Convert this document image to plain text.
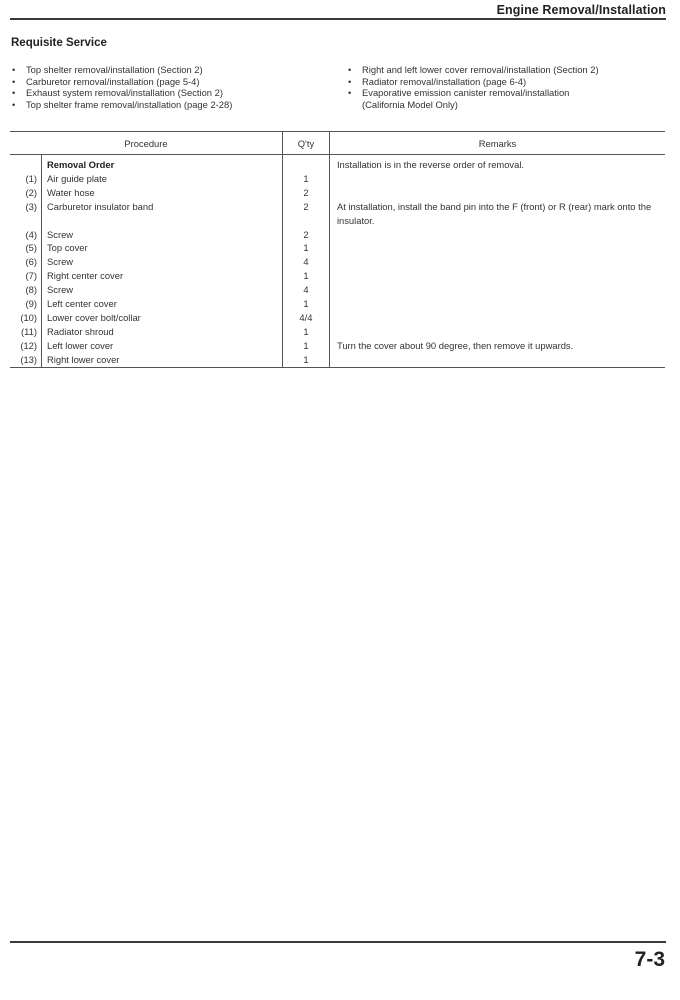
Engine Removal/Installation
Requisite Service
• Top shelter removal/installation (Section 2)
• Carburetor removal/installation (page 5-4)
• Exhaust system removal/installation (Section 2)
• Top shelter frame removal/installation (page 2-28)
• Right and left lower cover removal/installation (Section 2)
• Radiator removal/installation (page 6-4)
• Evaporative emission canister removal/installation
(California Model Only)
Procedure		Q'ty	Remarks
	Removal Order		Installation is in the reverse order of removal.
(1)	Air guide plate	1	
(2)	Water hose	2	
(3)	Carburetor insulator band	2	At installation, install the band pin into the F (front) or R (rear) mark onto the insulator.

(4)	Screw	2	
(5)	Top cover	1	
(6)	Screw	4	
(7)	Right center cover	1	
(8)	Screw	4	
(9)	Left center cover	1	
(10)	Lower cover bolt/collar	4/4	
(11)	Radiator shroud	1	
(12)	Left lower cover	1	Turn the cover about 90 degree, then remove it upwards.
(13)	Right lower cover	1	
7-3
